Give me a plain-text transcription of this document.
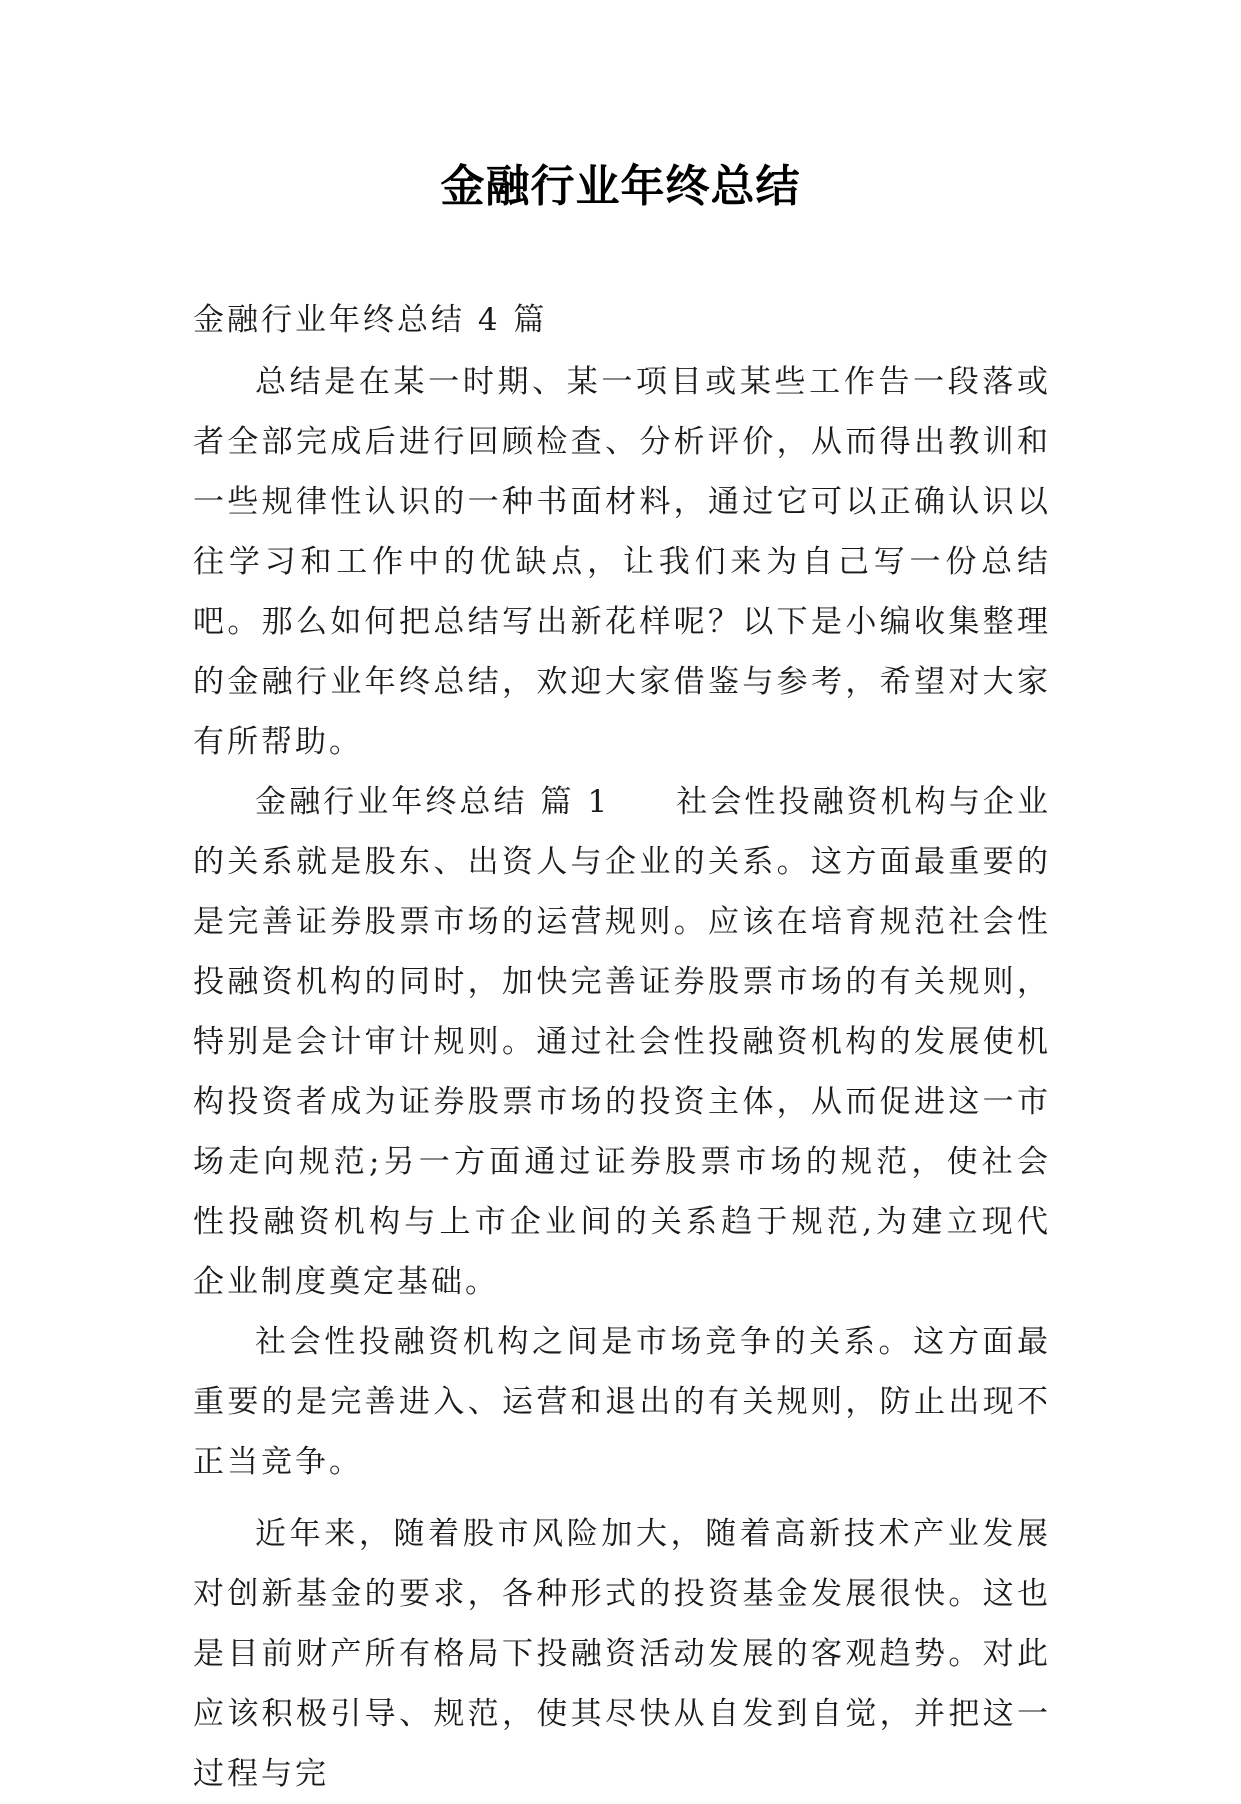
金融行业年终总结
金融行业年终总结 4 篇

总结是在某一时期、某一项目或某些工作告一段落或者全部完成后进行回顾检查、分析评价，从而得出教训和一些规律性认识的一种书面材料，通过它可以正确认识以往学习和工作中的优缺点，让我们来为自己写一份总结吧。那么如何把总结写出新花样呢？以下是小编收集整理的金融行业年终总结，欢迎大家借鉴与参考，希望对大家有所帮助。

金融行业年终总结 篇 1 社会性投融资机构与企业的关系就是股东、出资人与企业的关系。这方面最重要的是完善证券股票市场的运营规则。应该在培育规范社会性投融资机构的同时，加快完善证券股票市场的有关规则，特别是会计审计规则。通过社会性投融资机构的发展使机构投资者成为证券股票市场的投资主体，从而促进这一市场走向规范;另一方面通过证券股票市场的规范，使社会性投融资机构与上市企业间的关系趋于规范,为建立现代企业制度奠定基础。

社会性投融资机构之间是市场竞争的关系。这方面最重要的是完善进入、运营和退出的有关规则，防止出现不正当竞争。

近年来，随着股市风险加大，随着高新技术产业发展对创新基金的要求，各种形式的投资基金发展很快。这也是目前财产所有格局下投融资活动发展的客观趋势。对此应该积极引导、规范，使其尽快从自发到自觉，并把这一过程与完
